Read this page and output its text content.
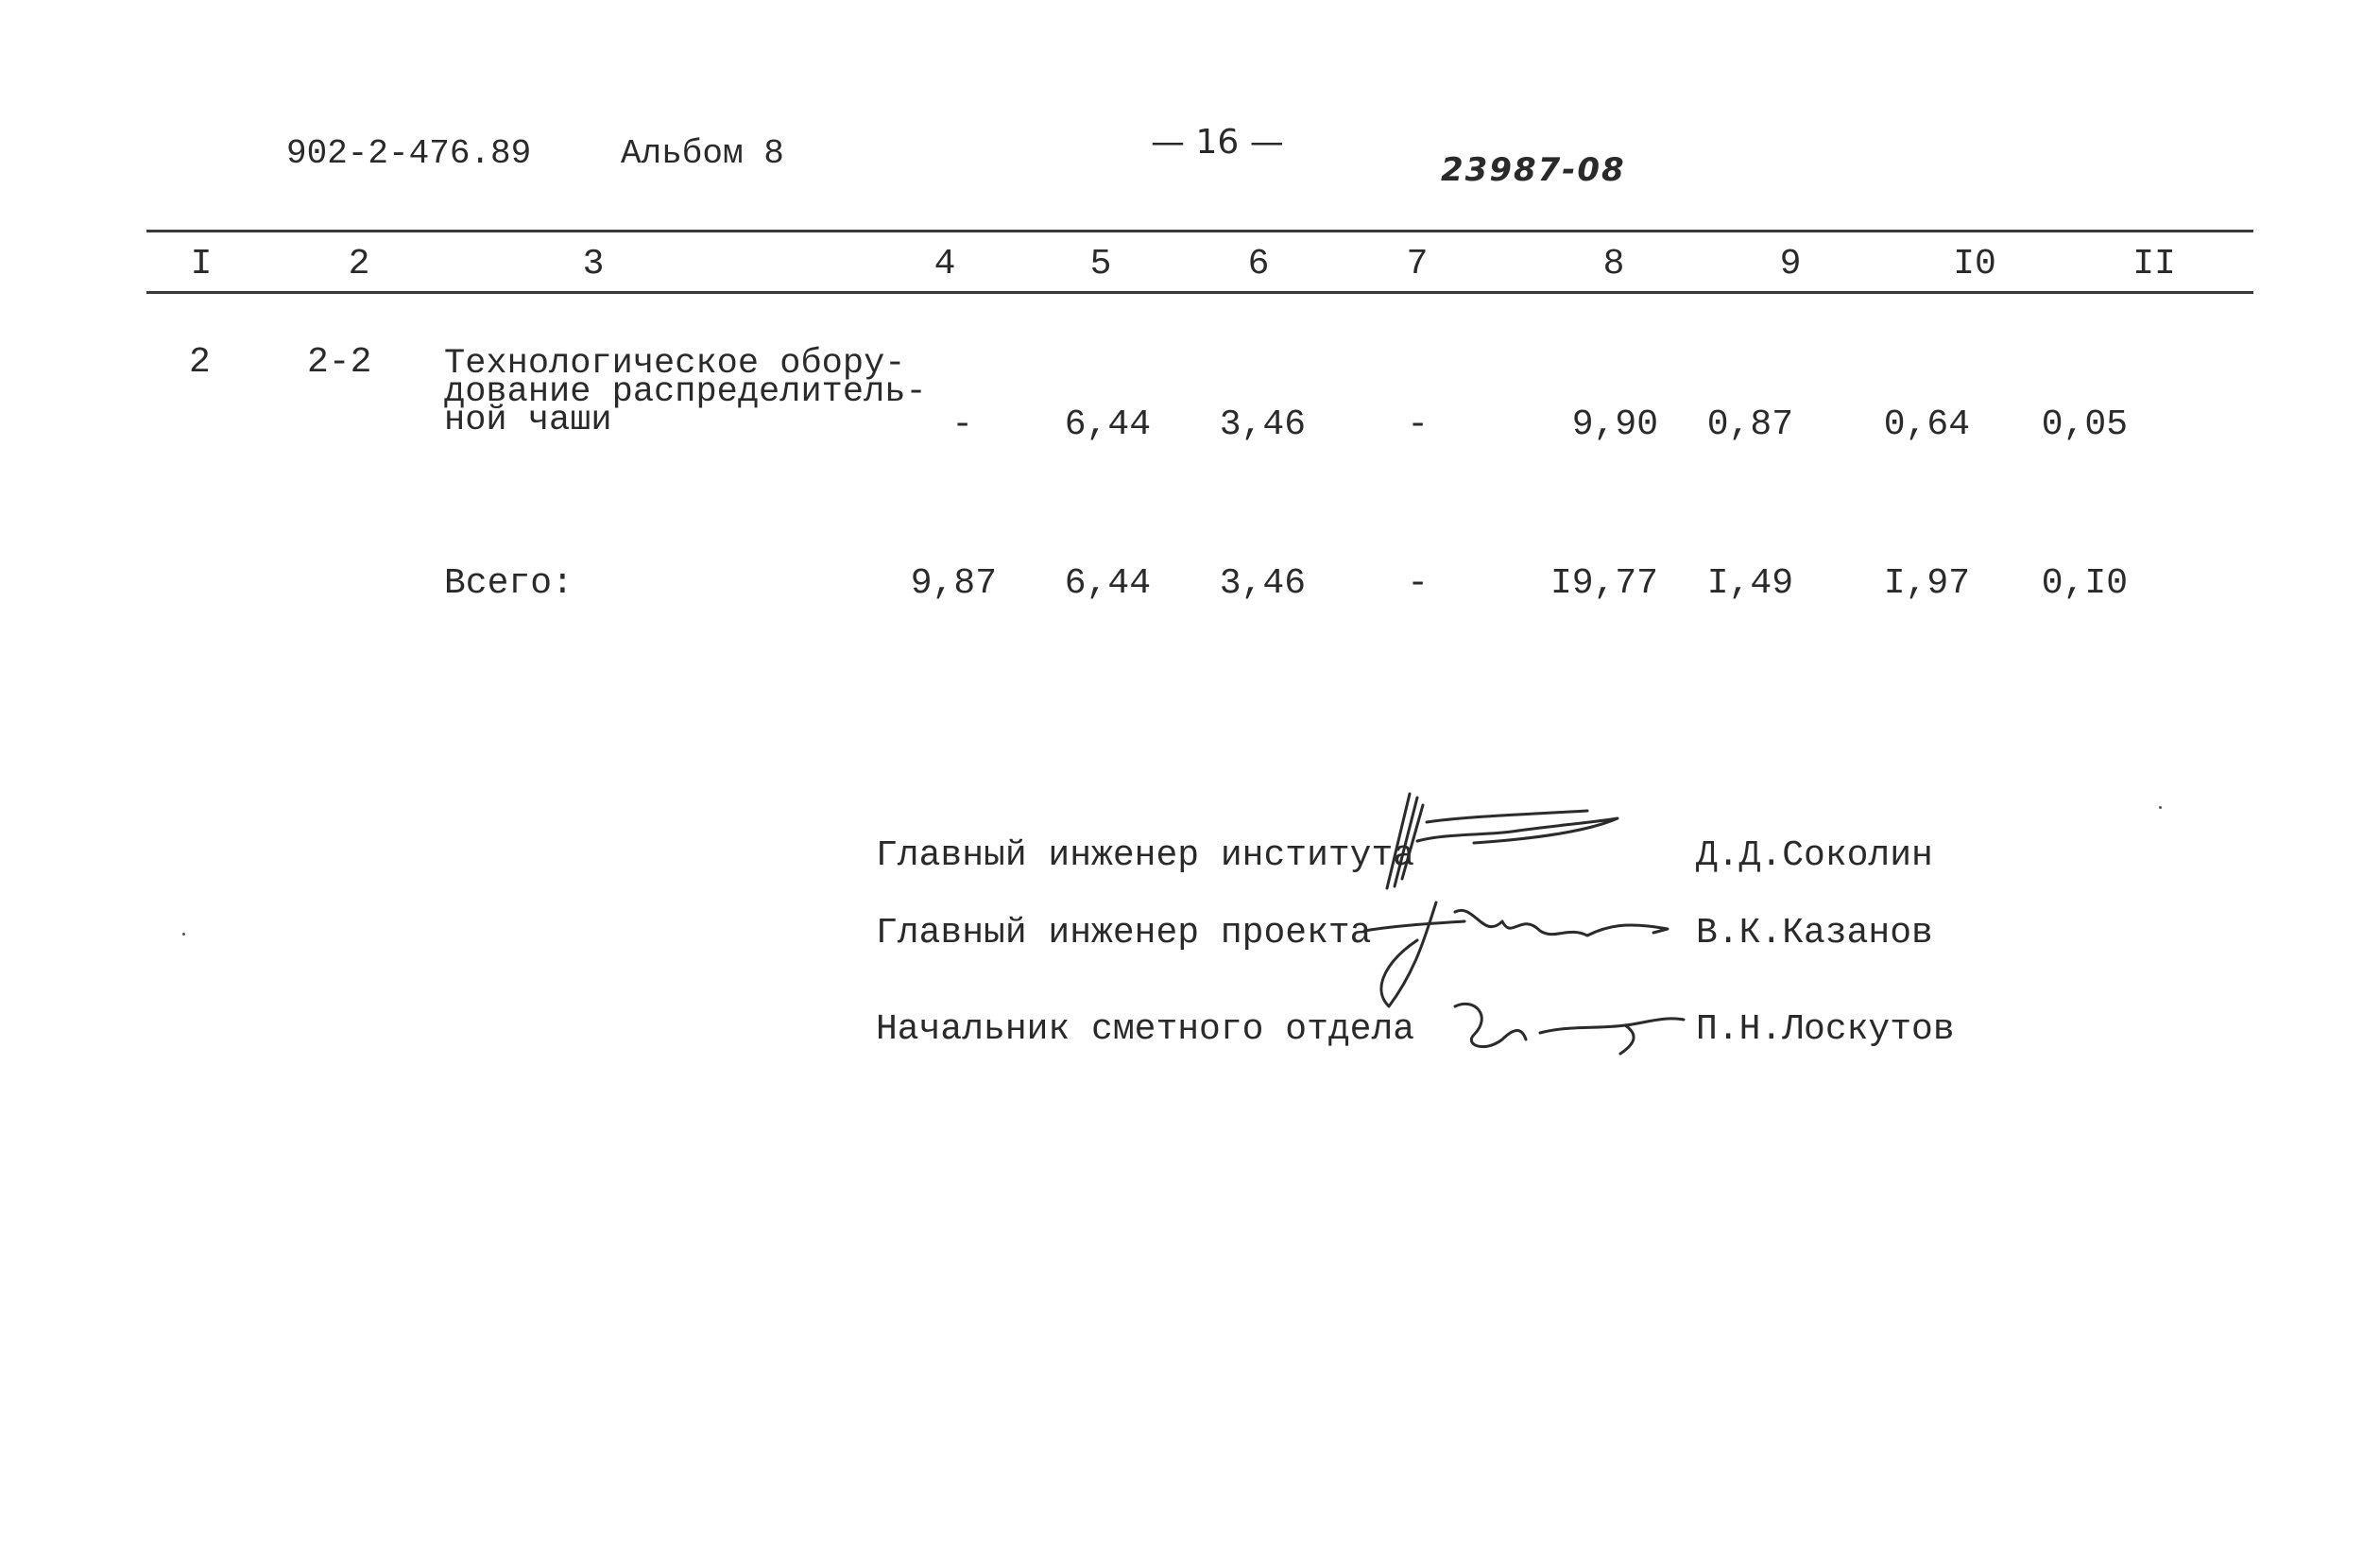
902-2-476.89	Альбом 8	— 16 —
23987-08
I	2	3	4	5	6	7	8	9	I0	II
2	2-2 Технологическое обору-
дование распределитель-
ной чаши	-	6,44	3,46	-	9,90	0,87	0,64	0,05
Всего:	9,87	6,44	3,46	-	I9,77	I,49	I,97	0,I0
Главный инженер института	Д.Д.Соколин
Главный инженер проекта	В.К.Казанов
Начальник сметного отдела	П.Н.Лоскутов
